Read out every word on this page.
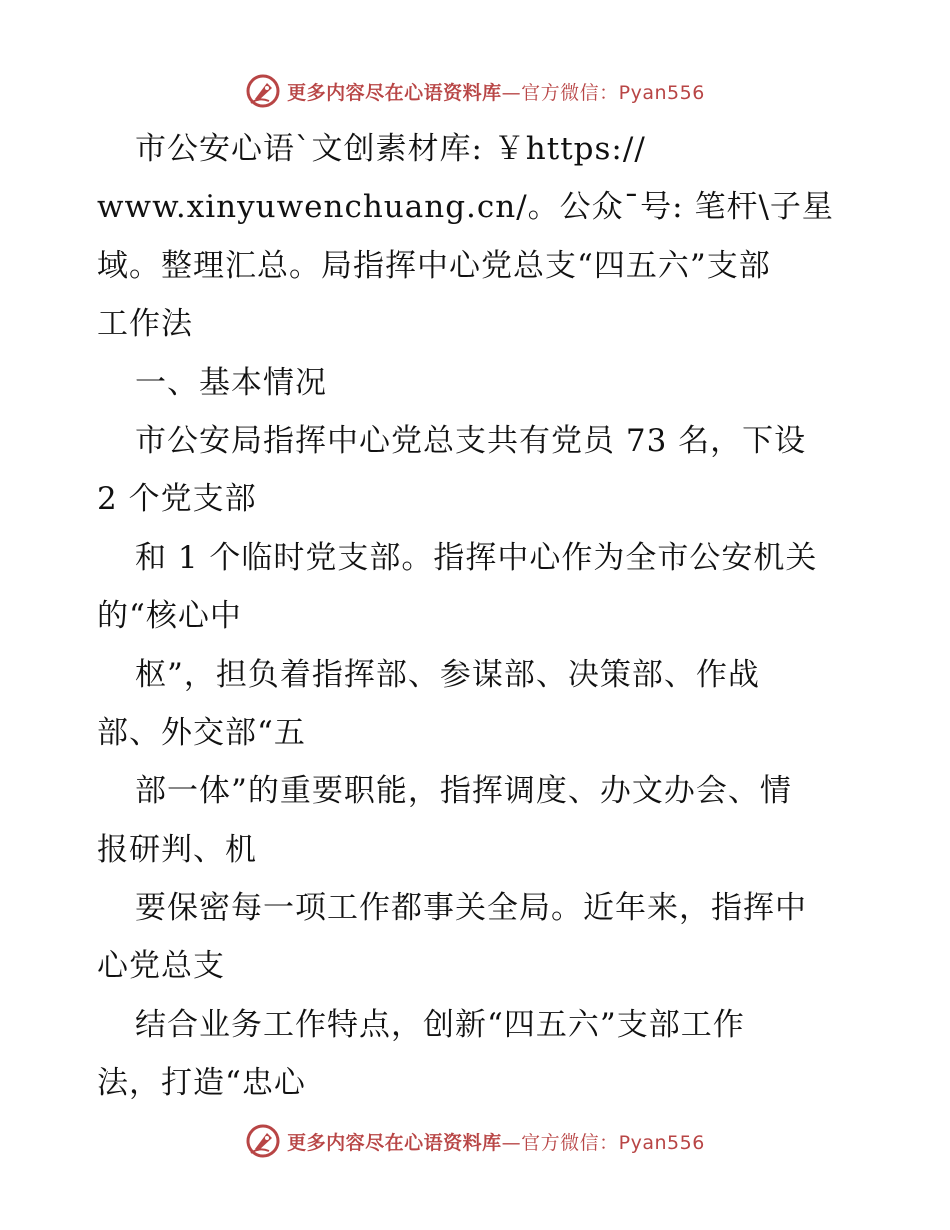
更多内容尽在心语资料库—官方微信：Pyan556
市公安心语`文创素材库: ￥https://
www.xinyuwenchuang.cn/。公众¯号: 笔杆\子星
域。整理汇总。局指挥中心党总支“四五六”支部
工作法
一、基本情况
市公安局指挥中心党总支共有党员 73 名，下设
2 个党支部
和 1 个临时党支部。指挥中心作为全市公安机关
的“核心中
枢”，担负着指挥部、参谋部、决策部、作战
部、外交部“五
部一体”的重要职能，指挥调度、办文办会、情
报研判、机
要保密每一项工作都事关全局。近年来，指挥中
心党总支
结合业务工作特点，创新“四五六”支部工作
法，打造“忠心
更多内容尽在心语资料库—官方微信：Pyan556
